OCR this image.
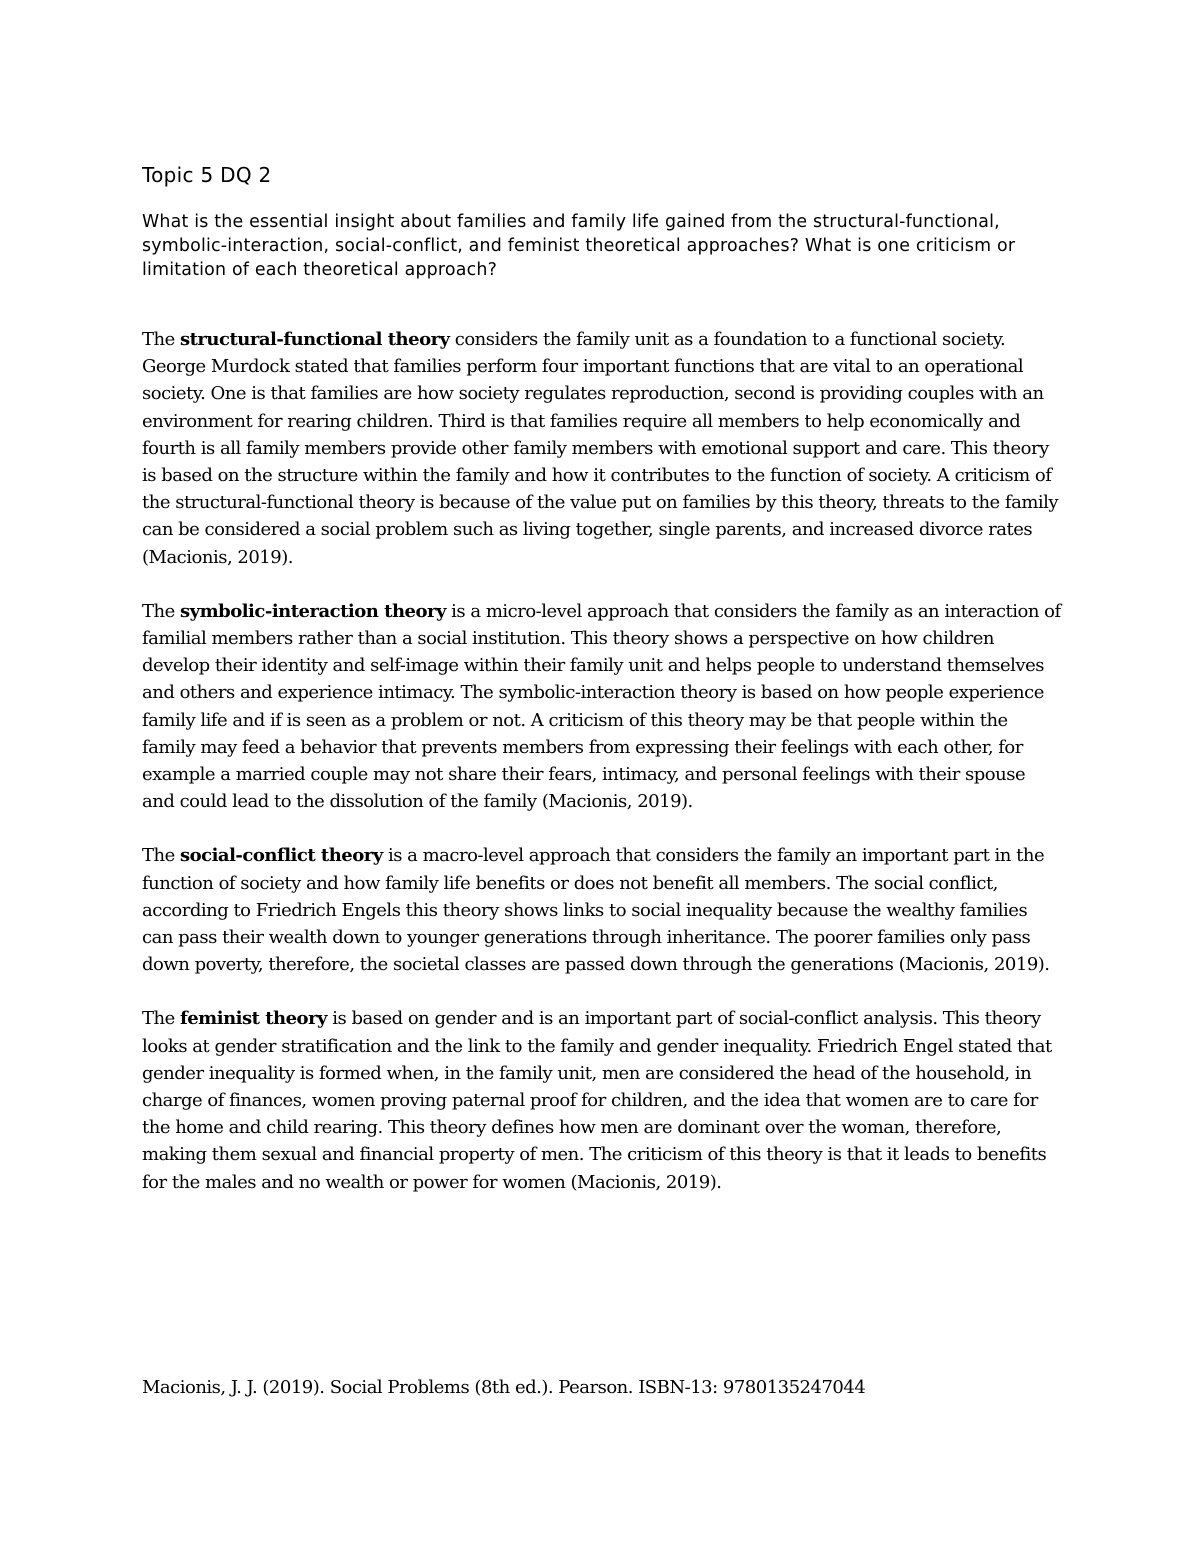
Topic 5 DQ 2

What is the essential insight about families and family life gained from the structural-functional, symbolic-interaction, social-conflict, and feminist theoretical approaches? What is one criticism or limitation of each theoretical approach?

The structural-functional theory considers the family unit as a foundation to a functional society. George Murdock stated that families perform four important functions that are vital to an operational society. One is that families are how society regulates reproduction, second is providing couples with an environment for rearing children. Third is that families require all members to help economically and fourth is all family members provide other family members with emotional support and care. This theory is based on the structure within the family and how it contributes to the function of society. A criticism of the structural-functional theory is because of the value put on families by this theory, threats to the family can be considered a social problem such as living together, single parents, and increased divorce rates (Macionis, 2019).

The symbolic-interaction theory is a micro-level approach that considers the family as an interaction of familial members rather than a social institution. This theory shows a perspective on how children develop their identity and self-image within their family unit and helps people to understand themselves and others and experience intimacy. The symbolic-interaction theory is based on how people experience family life and if is seen as a problem or not. A criticism of this theory may be that people within the family may feed a behavior that prevents members from expressing their feelings with each other, for example a married couple may not share their fears, intimacy, and personal feelings with their spouse and could lead to the dissolution of the family (Macionis, 2019).

The social-conflict theory is a macro-level approach that considers the family an important part in the function of society and how family life benefits or does not benefit all members. The social conflict, according to Friedrich Engels this theory shows links to social inequality because the wealthy families can pass their wealth down to younger generations through inheritance. The poorer families only pass down poverty, therefore, the societal classes are passed down through the generations (Macionis, 2019).

The feminist theory is based on gender and is an important part of social-conflict analysis. This theory looks at gender stratification and the link to the family and gender inequality. Friedrich Engel stated that gender inequality is formed when, in the family unit, men are considered the head of the household, in charge of finances, women proving paternal proof for children, and the idea that women are to care for the home and child rearing. This theory defines how men are dominant over the woman, therefore, making them sexual and financial property of men. The criticism of this theory is that it leads to benefits for the males and no wealth or power for women (Macionis, 2019).

Macionis, J. J. (2019). Social Problems (8th ed.). Pearson. ISBN-13: 9780135247044
